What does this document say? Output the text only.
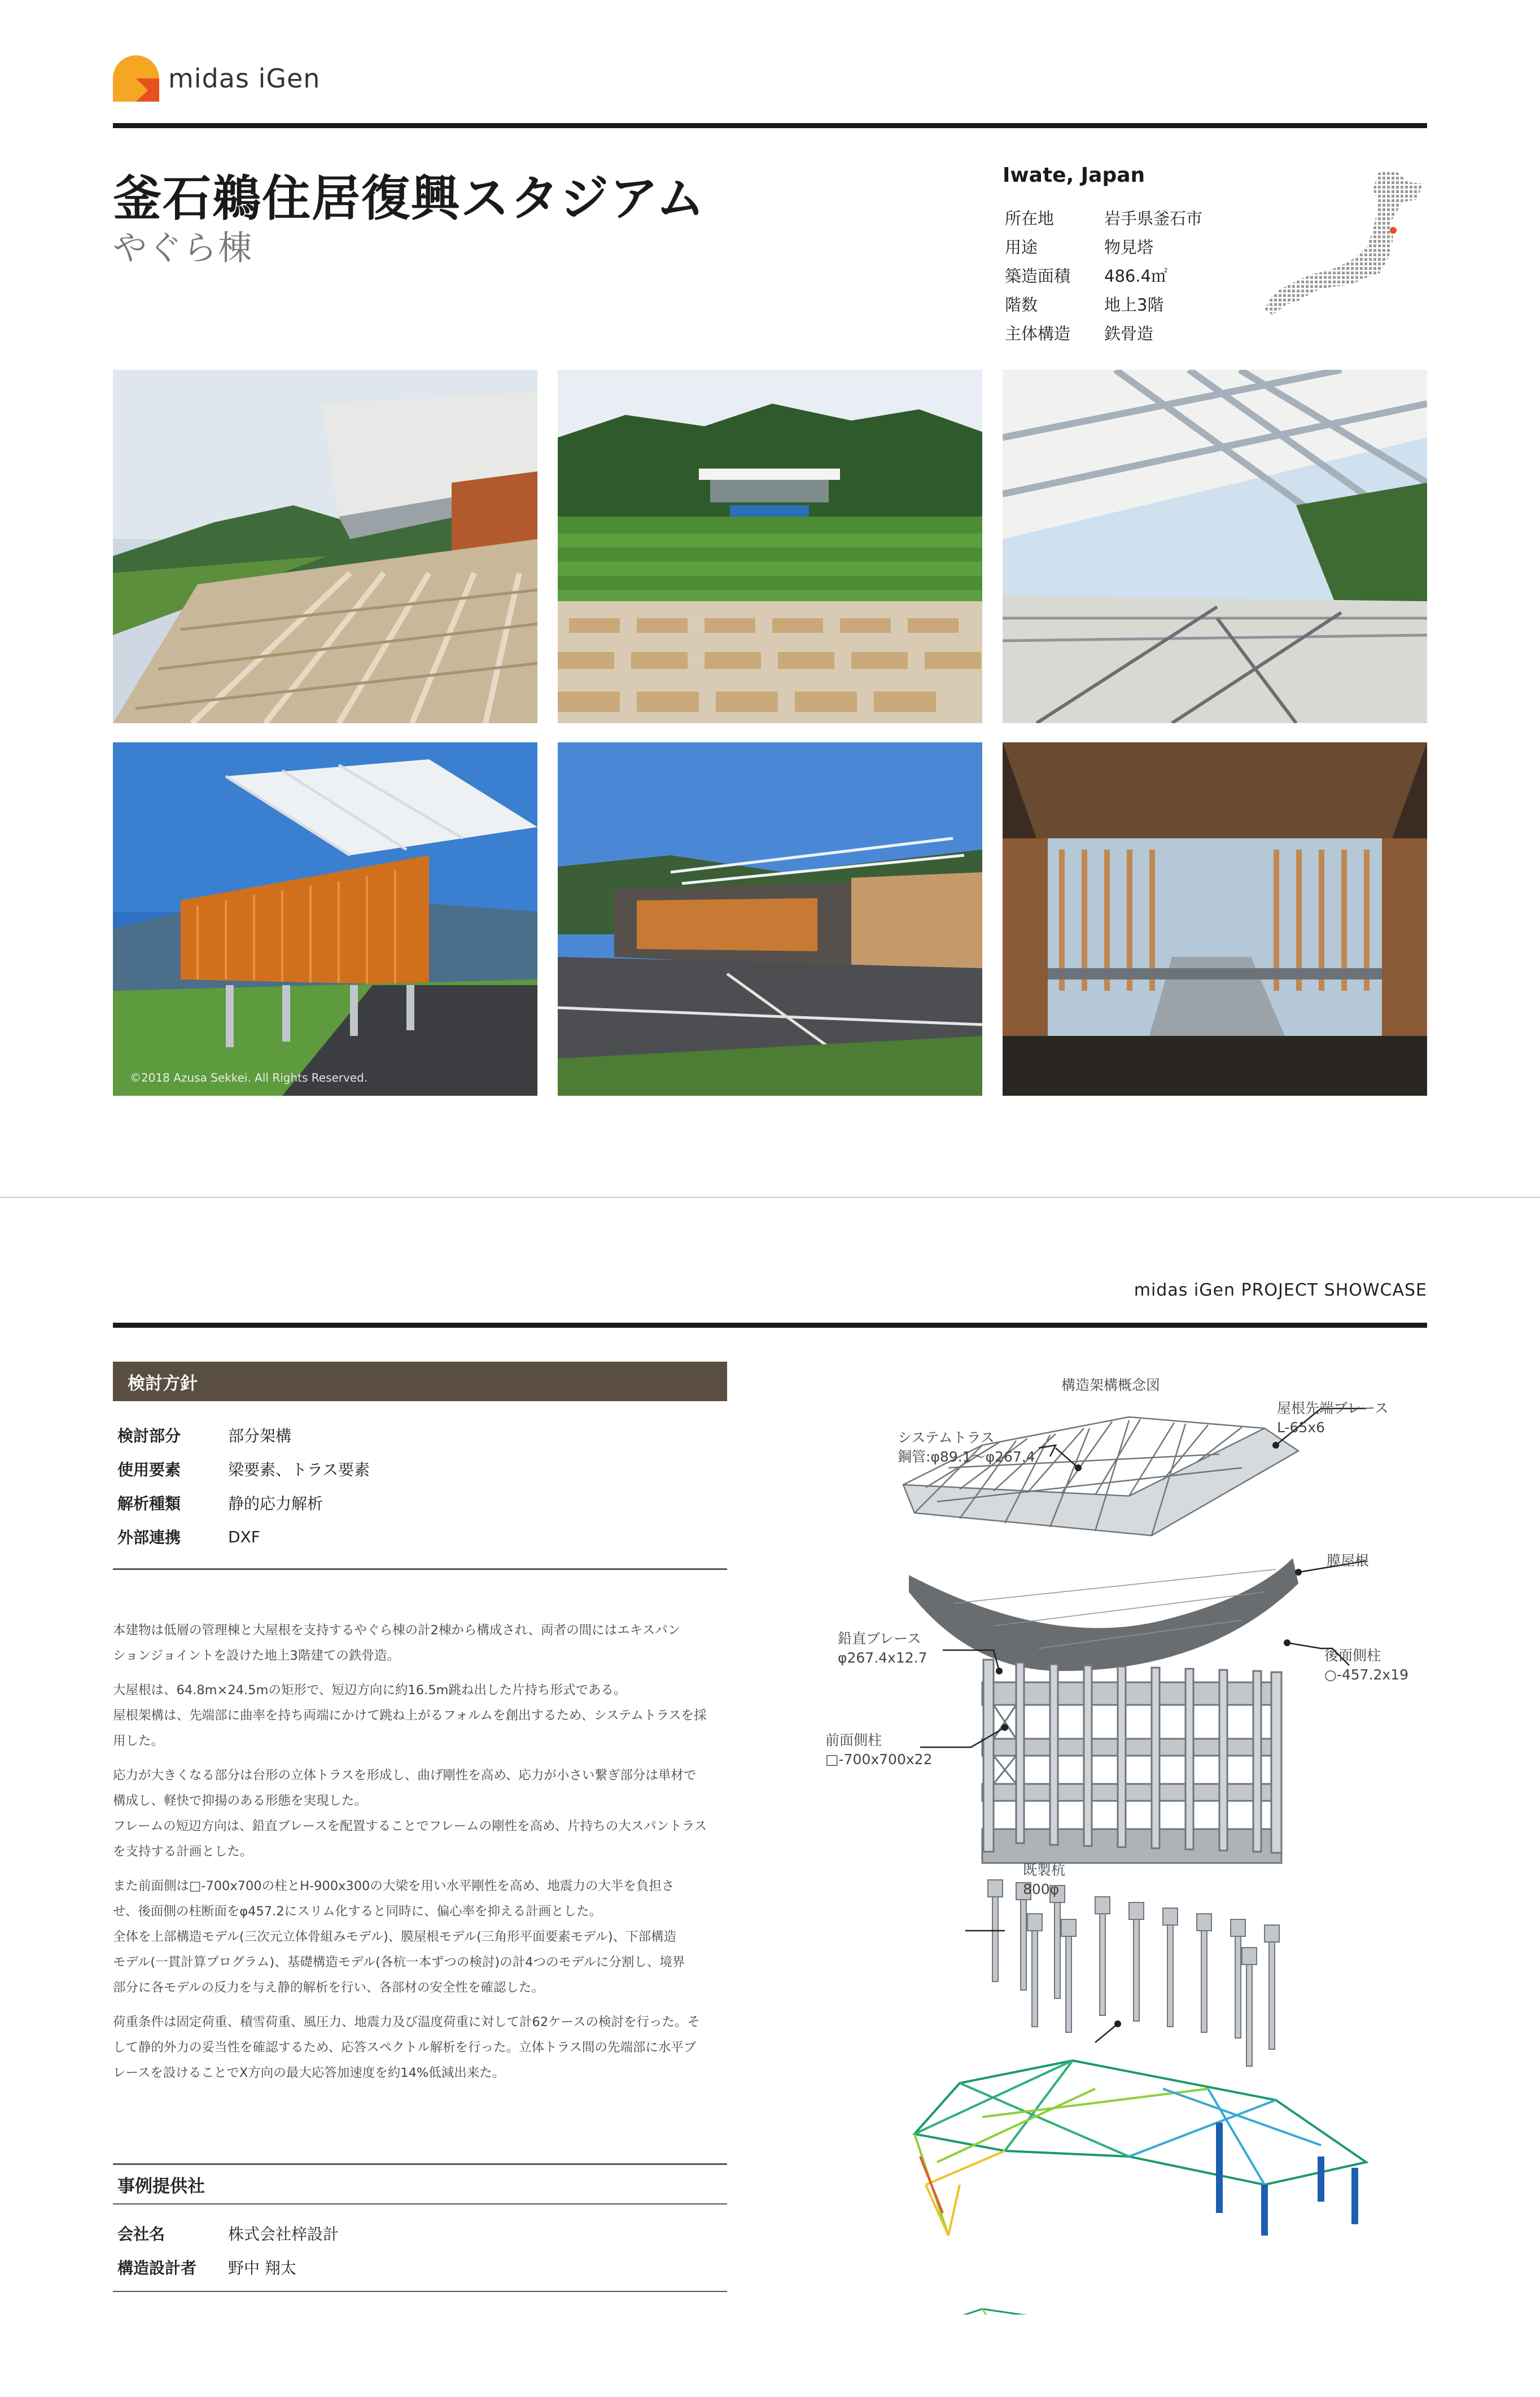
midas iGen
釜石鵜住居復興スタジアム
やぐら棟
Iwate, Japan
所在地	岩手県釜石市
用途	物見塔
築造面積	486.4㎡
階数	地上3階
主体構造	鉄骨造
©2018 Azusa Sekkei. All Rights Reserved.
midas iGen PROJECT SHOWCASE
検討方針
検討部分	部分架構
使用要素	梁要素、トラス要素
解析種類	静的応力解析
外部連携	DXF

本建物は低層の管理棟と大屋根を支持するやぐら棟の計2棟から構成され、両者の間にはエキスパン
ションジョイントを設けた地上3階建ての鉄骨造。

大屋根は、64.8m×24.5mの矩形で、短辺方向に約16.5m跳ね出した片持ち形式である。
屋根架構は、先端部に曲率を持ち両端にかけて跳ね上がるフォルムを創出するため、システムトラスを採
用した。

応力が大きくなる部分は台形の立体トラスを形成し、曲げ剛性を高め、応力が小さい繋ぎ部分は単材で
構成し、軽快で抑揚のある形態を実現した。
フレームの短辺方向は、鉛直ブレースを配置することでフレームの剛性を高め、片持ちの大スパントラス
を支持する計画とした。

また前面側は□-700x700の柱とH-900x300の大梁を用い水平剛性を高め、地震力の大半を負担さ
せ、後面側の柱断面をφ457.2にスリム化すると同時に、偏心率を抑える計画とした。
全体を上部構造モデル(三次元立体骨組みモデル)、膜屋根モデル(三角形平面要素モデル)、下部構造
モデル(一貫計算プログラム)、基礎構造モデル(各杭一本ずつの検討)の計4つのモデルに分割し、境界
部分に各モデルの反力を与え静的解析を行い、各部材の安全性を確認した。

荷重条件は固定荷重、積雪荷重、風圧力、地震力及び温度荷重に対して計62ケースの検討を行った。そ
して静的外力の妥当性を確認するため、応答スペクトル解析を行った。立体トラス間の先端部に水平ブ
レースを設けることでX方向の最大応答加速度を約14%低減出来た。

事例提供社
会社名	株式会社梓設計
構造設計者	野中 翔太
構造架構概念図
屋根先端ブレース
L-65x6
システムトラス
鋼管:φ89.1〜φ267.4
膜屋根
鉛直ブレース
φ267.4x12.7	後面側柱
○-457.2x19
前面側柱
□-700x700x22
既製杭
800φ
